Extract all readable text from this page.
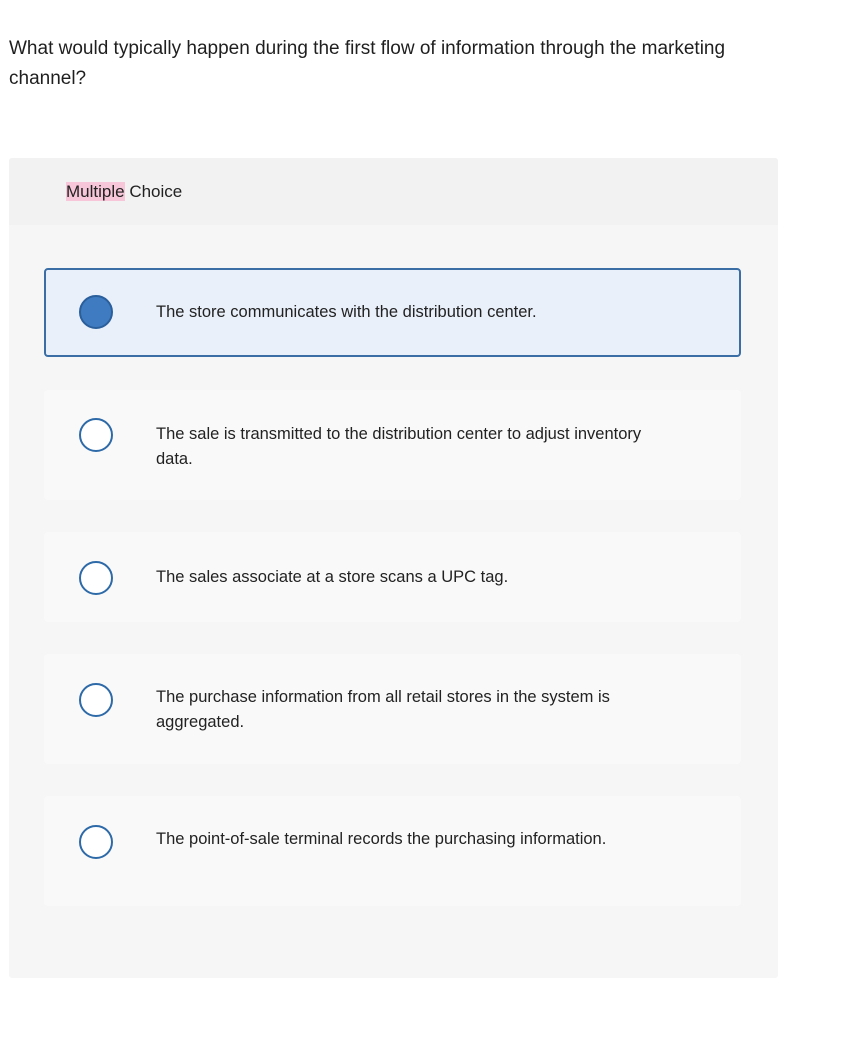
What would typically happen during the first flow of information through the marketing channel?

Multiple Choice
The store communicates with the distribution center.
The sale is transmitted to the distribution center to adjust inventory data.
The sales associate at a store scans a UPC tag.
The purchase information from all retail stores in the system is aggregated.
The point-of-sale terminal records the purchasing information.
